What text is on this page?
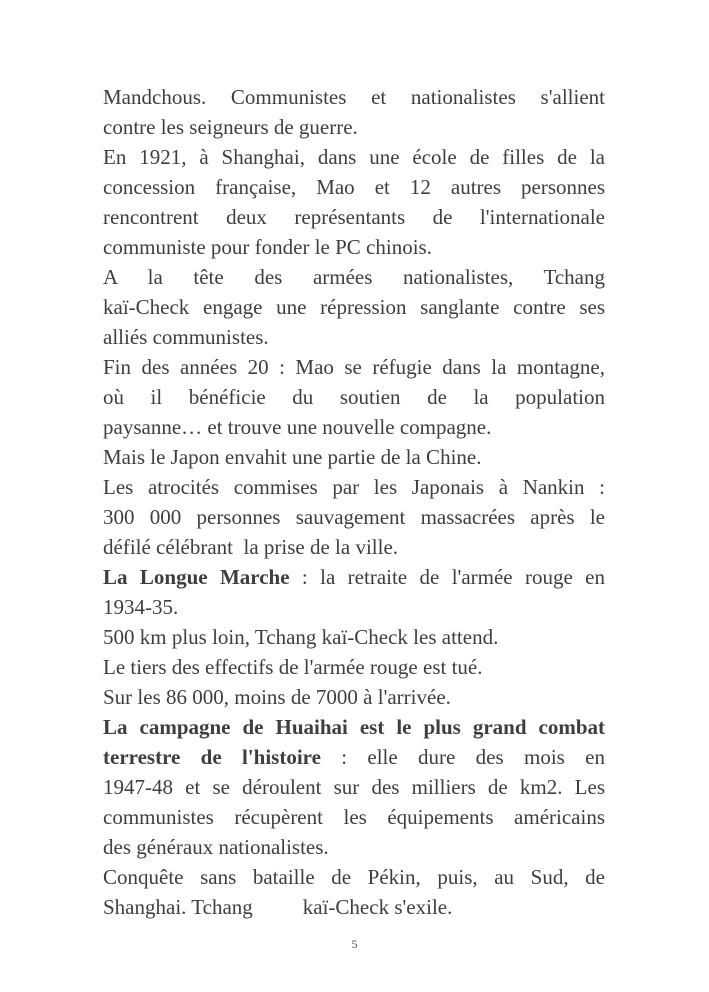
Mandchous. Communistes et nationalistes s'allient
contre les seigneurs de guerre.
En 1921, à Shanghai, dans une école de filles de la
concession française, Mao et 12 autres personnes
rencontrent deux représentants de l'internationale
communiste pour fonder le PC chinois.
A la tête des armées nationalistes, Tchang
kaï-Check engage une répression sanglante contre ses
alliés communistes.
Fin des années 20 : Mao se réfugie dans la montagne,
où il bénéficie du soutien de la population
paysanne… et trouve une nouvelle compagne.
Mais le Japon envahit une partie de la Chine.
Les atrocités commises par les Japonais à Nankin :
300 000 personnes sauvagement massacrées après le
défilé célébrant  la prise de la ville.
La Longue Marche : la retraite de l'armée rouge en
1934-35.
500 km plus loin, Tchang kaï-Check les attend.
Le tiers des effectifs de l'armée rouge est tué.
Sur les 86 000, moins de 7000 à l'arrivée.
La campagne de Huaihai est le plus grand combat
terrestre de l'histoire : elle dure des mois en
1947-48 et se déroulent sur des milliers de km2. Les
communistes récupèrent les équipements américains
des généraux nationalistes.
Conquête sans bataille de Pékin, puis, au Sud, de
Shanghai. Tchang kaï-Check s'exile.
5
